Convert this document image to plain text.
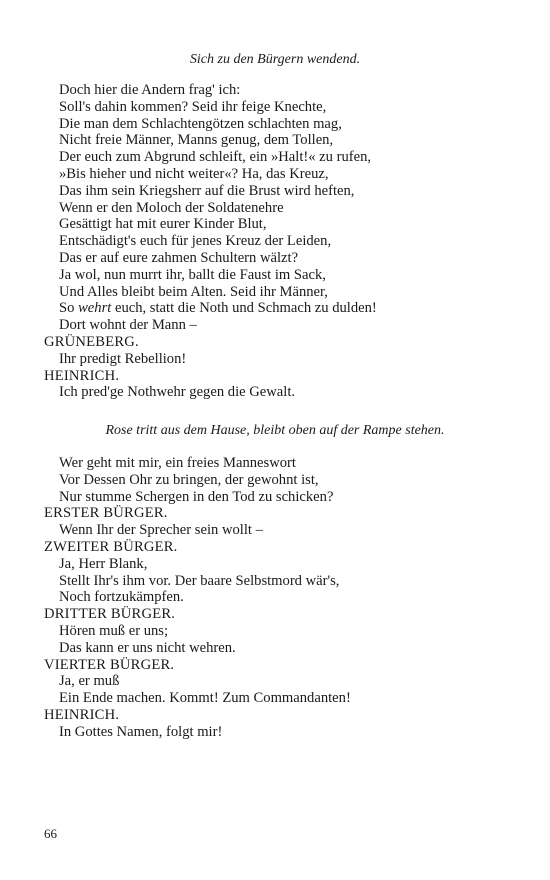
Sich zu den Bürgern wendend.
Doch hier die Andern frag' ich:
Soll's dahin kommen? Seid ihr feige Knechte,
Die man dem Schlachtengötzen schlachten mag,
Nicht freie Männer, Manns genug, dem Tollen,
Der euch zum Abgrund schleift, ein »Halt!« zu rufen,
»Bis hieher und nicht weiter«? Ha, das Kreuz,
Das ihm sein Kriegsherr auf die Brust wird heften,
Wenn er den Moloch der Soldatenehre
Gesättigt hat mit eurer Kinder Blut,
Entschädigt's euch für jenes Kreuz der Leiden,
Das er auf eure zahmen Schultern wälzt?
Ja wol, nun murrt ihr, ballt die Faust im Sack,
Und Alles bleibt beim Alten. Seid ihr Männer,
So wehrt euch, statt die Noth und Schmach zu dulden!
Dort wohnt der Mann –
GRÜNEBERG.
Ihr predigt Rebellion!
HEINRICH.
Ich pred'ge Nothwehr gegen die Gewalt.
Rose tritt aus dem Hause, bleibt oben auf der Rampe stehen.
Wer geht mit mir, ein freies Manneswort
Vor Dessen Ohr zu bringen, der gewohnt ist,
Nur stumme Schergen in den Tod zu schicken?
ERSTER BÜRGER.
Wenn Ihr der Sprecher sein wollt –
ZWEITER BÜRGER.
Ja, Herr Blank,
Stellt Ihr's ihm vor. Der baare Selbstmord wär's,
Noch fortzukämpfen.
DRITTER BÜRGER.
Hören muß er uns;
Das kann er uns nicht wehren.
VIERTER BÜRGER.
Ja, er muß
Ein Ende machen. Kommt! Zum Commandanten!
HEINRICH.
In Gottes Namen, folgt mir!
66
